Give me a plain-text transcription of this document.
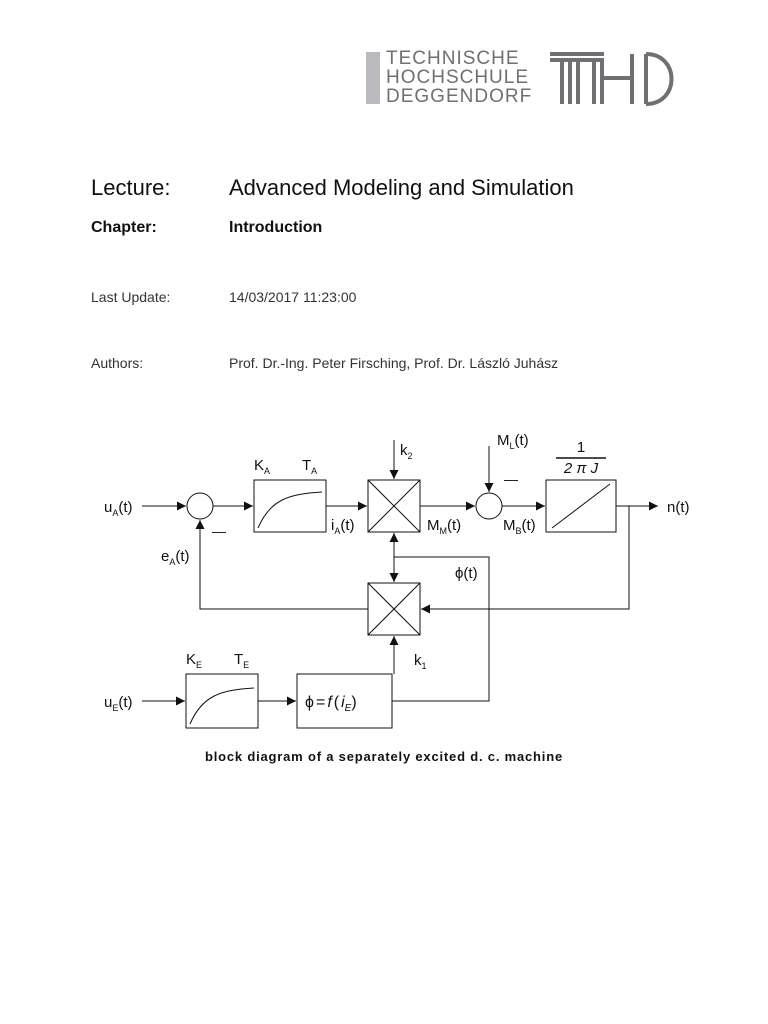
TECHNISCHE
HOCHSCHULE
DEGGENDORF
Lecture:	Advanced Modeling and Simulation
Chapter:	Introduction
Last Update:	14/03/2017 11:23:00
Authors:	Prof. Dr.-Ing. Peter Firsching, Prof. Dr. László Juhász
$u_A(t)$
$e_A(t)$
—
$K_A$ $T_A$
$i_A(t)$
$k_2$
$M_M(t)$
$M_L(t)$
—
$M_B(t)$
1
2 π J
n(t)
ϕ(t)
$k_1$
$K_E$ $T_E$
$u_E(t)$	ϕ = f ( $i_E$)
block diagram of a separately excited d. c. machine
